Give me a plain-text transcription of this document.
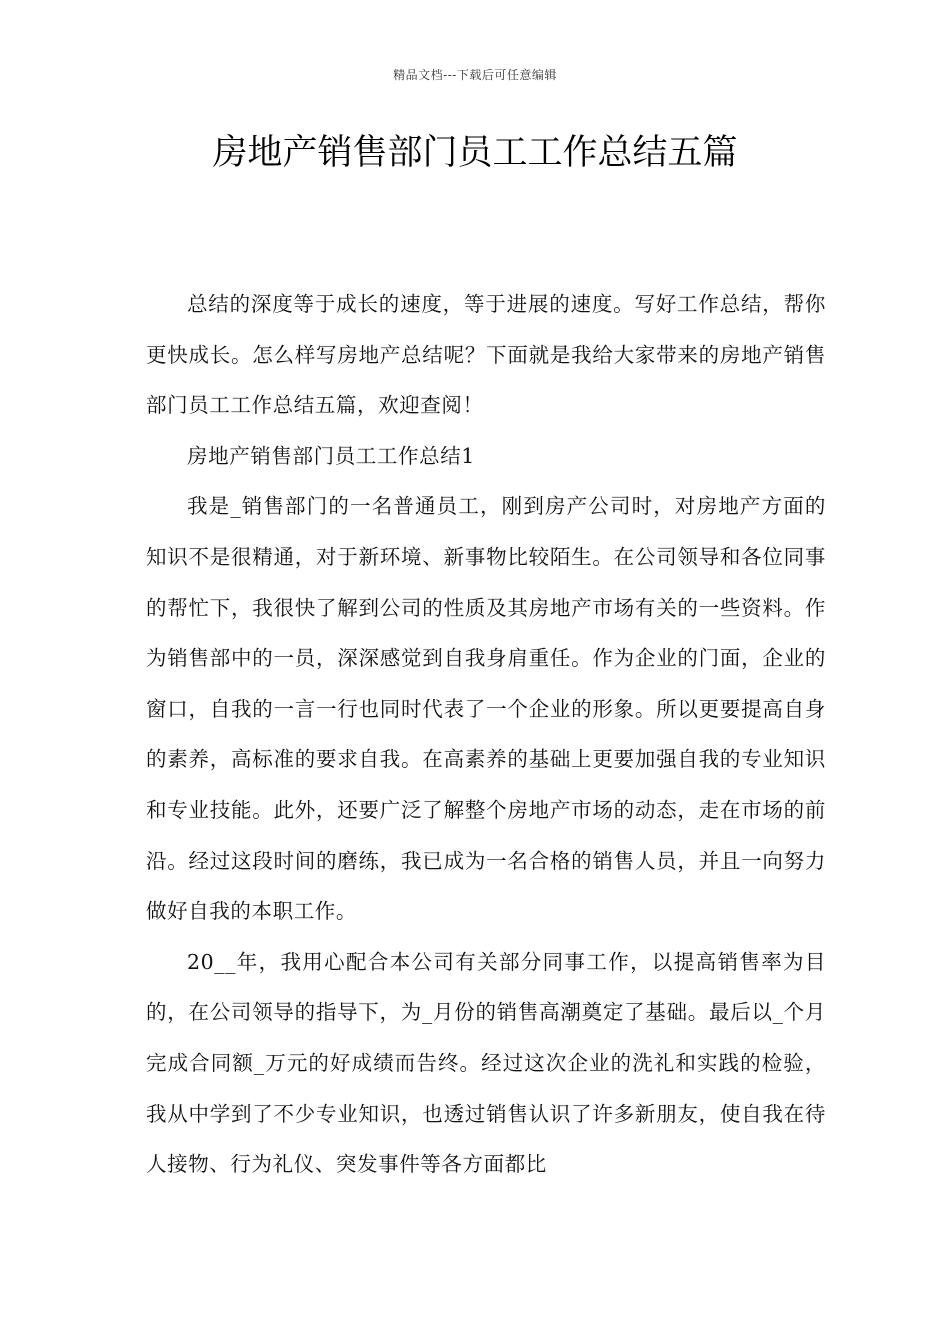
精品文档---下载后可任意编辑
房地产销售部门员工工作总结五篇

总结的深度等于成长的速度，等于进展的速度。写好工作总结，帮你更快成长。怎么样写房地产总结呢？下面就是我给大家带来的房地产销售部门员工工作总结五篇，欢迎查阅！

房地产销售部门员工工作总结1

我是_销售部门的一名普通员工，刚到房产公司时，对房地产方面的知识不是很精通，对于新环境、新事物比较陌生。在公司领导和各位同事的帮忙下，我很快了解到公司的性质及其房地产市场有关的一些资料。作为销售部中的一员，深深感觉到自我身肩重任。作为企业的门面，企业的窗口，自我的一言一行也同时代表了一个企业的形象。所以更要提高自身的素养，高标准的要求自我。在高素养的基础上更要加强自我的专业知识和专业技能。此外，还要广泛了解整个房地产市场的动态，走在市场的前沿。经过这段时间的磨练，我已成为一名合格的销售人员，并且一向努力做好自我的本职工作。

20__年，我用心配合本公司有关部分同事工作，以提高销售率为目的，在公司领导的指导下，为_月份的销售高潮奠定了基础。最后以_个月完成合同额_万元的好成绩而告终。经过这次企业的洗礼和实践的检验，我从中学到了不少专业知识，也透过销售认识了许多新朋友，使自我在待人接物、行为礼仪、突发事件等各方面都比
